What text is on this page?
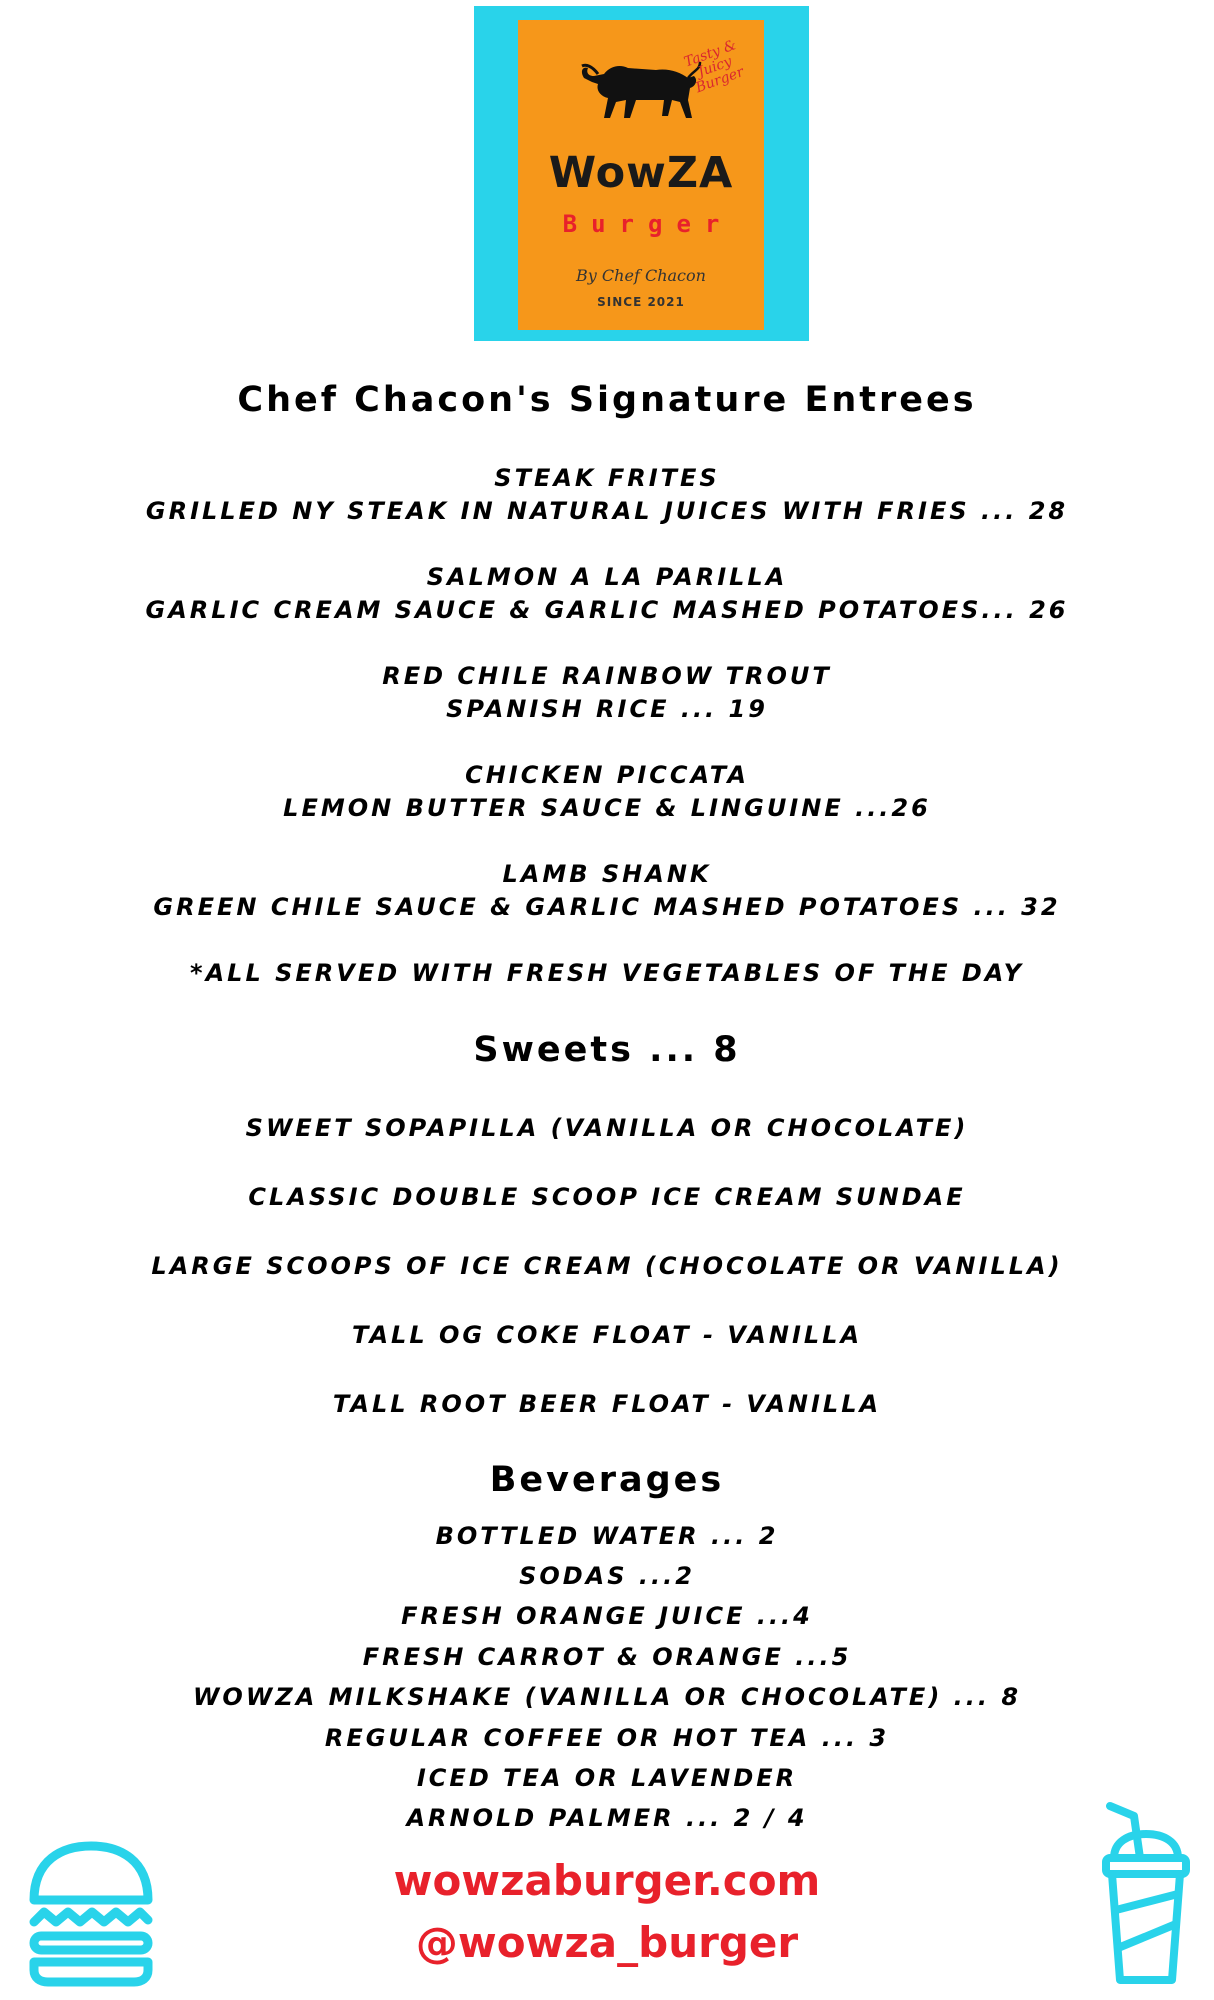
Tasty & Juicy Burger
WowZA
Burger
By Chef Chacon
SINCE 2021
Chef Chacon's Signature Entrees
STEAK FRITES
GRILLED NY STEAK IN NATURAL JUICES WITH FRIES ... 28
SALMON A LA PARILLA
GARLIC CREAM SAUCE & GARLIC MASHED POTATOES... 26
RED CHILE RAINBOW TROUT
SPANISH RICE ... 19
CHICKEN PICCATA
LEMON BUTTER SAUCE & LINGUINE ...26
LAMB SHANK
GREEN CHILE SAUCE & GARLIC MASHED POTATOES ... 32
*ALL SERVED WITH FRESH VEGETABLES OF THE DAY
Sweets ... 8
SWEET SOPAPILLA (VANILLA OR CHOCOLATE)
CLASSIC DOUBLE SCOOP ICE CREAM SUNDAE
LARGE SCOOPS OF ICE CREAM (CHOCOLATE OR VANILLA)
TALL OG COKE FLOAT - VANILLA
TALL ROOT BEER FLOAT - VANILLA
Beverages
BOTTLED WATER ... 2
SODAS ...2
FRESH ORANGE JUICE ...4
FRESH CARROT & ORANGE ...5
WOWZA MILKSHAKE (VANILLA OR CHOCOLATE) ... 8
REGULAR COFFEE OR HOT TEA ... 3
ICED TEA OR LAVENDER
ARNOLD PALMER ... 2 / 4
wowzaburger.com
@wowza_burger
